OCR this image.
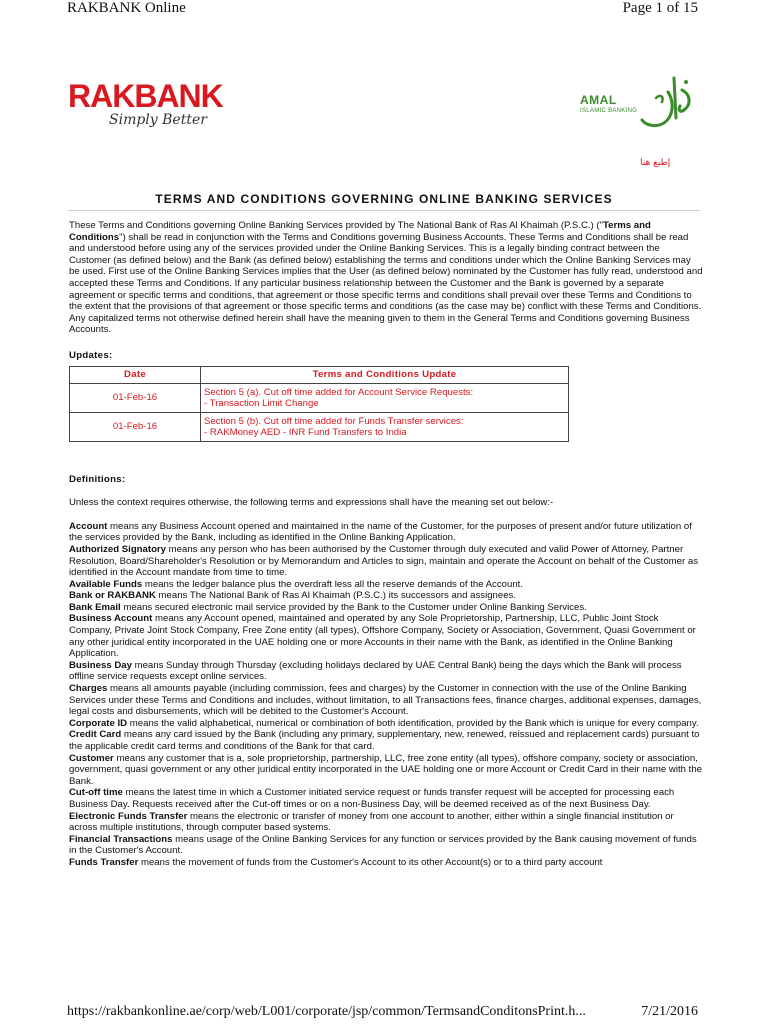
RAKBANK Online	Page 1 of 15
RAKBANK
Simply Better
AMAL
ISLAMIC BANKING
إطبع هنا
TERMS AND CONDITIONS GOVERNING ONLINE BANKING SERVICES

These Terms and Conditions governing Online Banking Services provided by The National Bank of Ras Al Khaimah (P.S.C.) ("Terms and Conditions") shall be read in conjunction with the Terms and Conditions governing Business Accounts. These Terms and Conditions shall be read and understood before using any of the services provided under the Online Banking Services. This is a legally binding contract between the Customer (as defined below) and the Bank (as defined below) establishing the terms and conditions under which the Online Banking Services may be used. First use of the Online Banking Services implies that the User (as defined below) nominated by the Customer has fully read, understood and accepted these Terms and Conditions. If any particular business relationship between the Customer and the Bank is governed by a separate agreement or specific terms and conditions, that agreement or those specific terms and conditions shall prevail over these Terms and Conditions to the extent that the provisions of that agreement or those specific terms and conditions (as the case may be) conflict with these Terms and Conditions. Any capitalized terms not otherwise defined herein shall have the meaning given to them in the General Terms and Conditions governing Business Accounts.

Updates:

Date	Terms and Conditions Update
01-Feb-16	Section 5 (a). Cut off time added for Account Service Requests:
- Transaction Limit Change
01-Feb-16	Section 5 (b). Cut off time added for Funds Transfer services:
- RAKMoney AED - INR Fund Transfers to India

Definitions:

Unless the context requires otherwise, the following terms and expressions shall have the meaning set out below:-

Account means any Business Account opened and maintained in the name of the Customer, for the purposes of present and/or future utilization of the services provided by the Bank, including as identified in the Online Banking Application.

Authorized Signatory means any person who has been authorised by the Customer through duly executed and valid Power of Attorney, Partner Resolution, Board/Shareholder's Resolution or by Memorandum and Articles to sign, maintain and operate the Account on behalf of the Customer as identified in the Account mandate from time to time.

Available Funds means the ledger balance plus the overdraft less all the reserve demands of the Account.

Bank or RAKBANK means The National Bank of Ras Al Khaimah (P.S.C.) its successors and assignees.

Bank Email means secured electronic mail service provided by the Bank to the Customer under Online Banking Services.

Business Account means any Account opened, maintained and operated by any Sole Proprietorship, Partnership, LLC, Public Joint Stock Company, Private Joint Stock Company, Free Zone entity (all types), Offshore Company, Society or Association, Government, Quasi Government or any other juridical entity incorporated in the UAE holding one or more Accounts in their name with the Bank, as identified in the Online Banking Application.

Business Day means Sunday through Thursday (excluding holidays declared by UAE Central Bank) being the days which the Bank will process offline service requests except online services.

Charges means all amounts payable (including commission, fees and charges) by the Customer in connection with the use of the Online Banking Services under these Terms and Conditions and includes, without limitation, to all Transactions fees, finance charges, additional expenses, damages, legal costs and disbursements, which will be debited to the Customer's Account.

Corporate ID means the valid alphabetical, numerical or combination of both identification, provided by the Bank which is unique for every company.

Credit Card means any card issued by the Bank (including any primary, supplementary, new, renewed, reissued and replacement cards) pursuant to the applicable credit card terms and conditions of the Bank for that card.

Customer means any customer that is a, sole proprietorship, partnership, LLC, free zone entity (all types), offshore company, society or association, government, quasi government or any other juridical entity incorporated in the UAE holding one or more Account or Credit Card in their name with the Bank.

Cut-off time means the latest time in which a Customer initiated service request or funds transfer request will be accepted for processing each Business Day. Requests received after the Cut-off times or on a non-Business Day, will be deemed received as of the next Business Day.

Electronic Funds Transfer means the electronic or transfer of money from one account to another, either within a single financial institution or across multiple institutions, through computer based systems.

Financial Transactions means usage of the Online Banking Services for any function or services provided by the Bank causing movement of funds in the Customer's Account.

Funds Transfer means the movement of funds from the Customer's Account to its other Account(s) or to a third party account

https://rakbankonline.ae/corp/web/L001/corporate/jsp/common/TermsandConditonsPrint.h...	7/21/2016
